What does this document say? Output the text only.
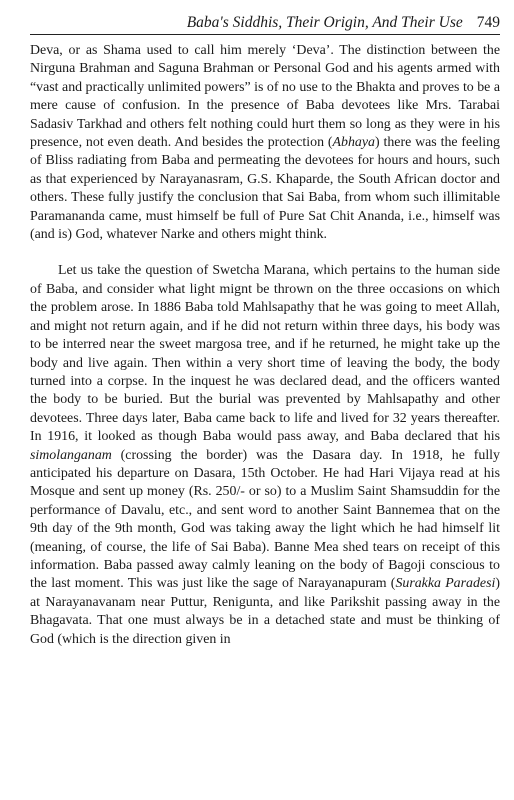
Baba's Siddhis, Their Origin, And Their Use 749

Deva, or as Shama used to call him merely ‘Deva’. The distinction between the Nirguna Brahman and Saguna Brahman or Personal God and his agents armed with “vast and practically unlimited powers” is of no use to the Bhakta and proves to be a mere cause of confusion. In the presence of Baba devotees like Mrs. Tarabai Sadasiv Tarkhad and others felt nothing could hurt them so long as they were in his presence, not even death. And besides the protection (Abhaya) there was the feeling of Bliss radiating from Baba and permeating the devotees for hours and hours, such as that experienced by Narayanasram, G.S. Khaparde, the South African doctor and others. These fully justify the conclusion that Sai Baba, from whom such illimitable Paramananda came, must himself be full of Pure Sat Chit Ananda, i.e., himself was (and is) God, whatever Narke and others might think.

Let us take the question of Swetcha Marana, which pertains to the human side of Baba, and consider what light mignt be thrown on the three occasions on which the problem arose. In 1886 Baba told Mahlsapathy that he was going to meet Allah, and might not return again, and if he did not return within three days, his body was to be interred near the sweet margosa tree, and if he returned, he might take up the body and live again. Then within a very short time of leaving the body, the body turned into a corpse. In the inquest he was declared dead, and the officers wanted the body to be buried. But the burial was prevented by Mahlsapathy and other devotees. Three days later, Baba came back to life and lived for 32 years thereafter. In 1916, it looked as though Baba would pass away, and Baba declared that his simolanganam (crossing the border) was the Dasara day. In 1918, he fully anticipated his departure on Dasara, 15th October. He had Hari Vijaya read at his Mosque and sent up money (Rs. 250/- or so) to a Muslim Saint Shamsuddin for the performance of Davalu, etc., and sent word to another Saint Bannemea that on the 9th day of the 9th month, God was taking away the light which he had himself lit (meaning, of course, the life of Sai Baba). Banne Mea shed tears on receipt of this information. Baba passed away calmly leaning on the body of Bagoji conscious to the last moment. This was just like the sage of Narayanapuram (Surakka Paradesi) at Narayanavanam near Puttur, Renigunta, and like Parikshit passing away in the Bhagavata. That one must always be in a detached state and must be thinking of God (which is the direction given in
